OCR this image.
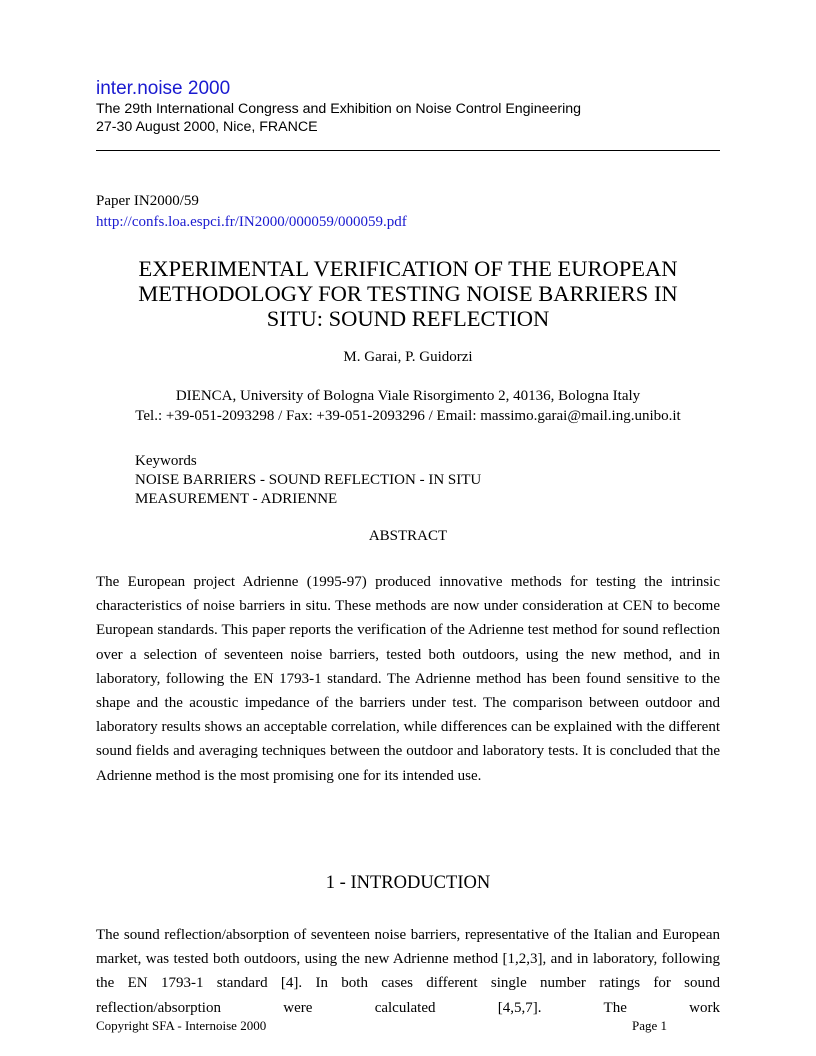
inter.noise 2000
The 29th International Congress and Exhibition on Noise Control Engineering
27-30 August 2000, Nice, FRANCE
Paper IN2000/59
http://confs.loa.espci.fr/IN2000/000059/000059.pdf
EXPERIMENTAL VERIFICATION OF THE EUROPEAN
METHODOLOGY FOR TESTING NOISE BARRIERS IN
SITU: SOUND REFLECTION
M. Garai, P. Guidorzi
DIENCA, University of Bologna Viale Risorgimento 2, 40136, Bologna Italy
Tel.: +39-051-2093298 / Fax: +39-051-2093296 / Email: massimo.garai@mail.ing.unibo.it
Keywords
NOISE BARRIERS - SOUND REFLECTION - IN SITU
MEASUREMENT - ADRIENNE
ABSTRACT
The European project Adrienne (1995-97) produced innovative methods for testing the intrinsic characteristics of noise barriers in situ. These methods are now under consideration at CEN to become European standards. This paper reports the verification of the Adrienne test method for sound reflection over a selection of seventeen noise barriers, tested both outdoors, using the new method, and in laboratory, following the EN 1793-1 standard. The Adrienne method has been found sensitive to the shape and the acoustic impedance of the barriers under test. The comparison between outdoor and laboratory results shows an acceptable correlation, while differences can be explained with the different sound fields and averaging techniques between the outdoor and laboratory tests. It is concluded that the Adrienne method is the most promising one for its intended use.
1 - INTRODUCTION
The sound reflection/absorption of seventeen noise barriers, representative of the Italian and European market, was tested both outdoors, using the new Adrienne method [1,2,3], and in laboratory, following the EN 1793-1 standard [4]. In both cases different single number ratings for sound reflection/absorption were calculated [4,5,7]. The work
Copyright SFA - Internoise 2000	Page 1
